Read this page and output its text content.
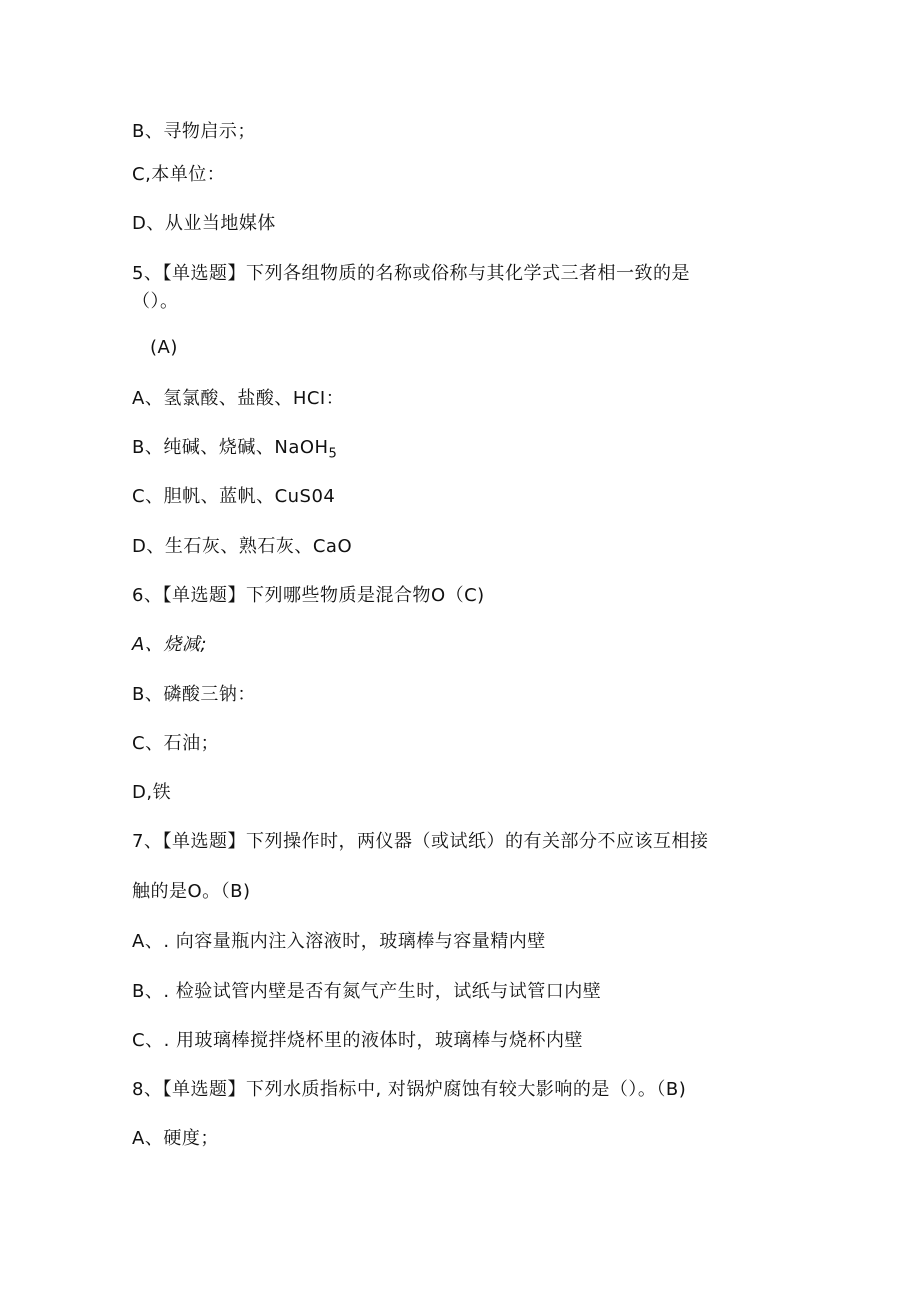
B、寻物启示；
C,本单位：
D、从业当地媒体
5、【单选题】下列各组物质的名称或俗称与其化学式三者相一致的是
（）。
(A)
A、氢氯酸、盐酸、HCI：
B、纯碱、烧碱、NaOH$_5$
C、胆帆、蓝帆、CuS04
D、生石灰、熟石灰、CaO
6、【单选题】下列哪些物质是混合物O（C)
A、烧减;
B、磷酸三钠：
C、石油；
D,铁
7、【单选题】下列操作时，两仪器（或试纸）的有关部分不应该互相接
触的是O。（B)
A、. 向容量瓶内注入溶液时，玻璃棒与容量精内壁
B、. 检验试管内壁是否有氮气产生时，试纸与试管口内壁
C、. 用玻璃棒搅拌烧杯里的液体时，玻璃棒与烧杯内壁
8、【单选题】下列水质指标中, 对锅炉腐蚀有较大影响的是（）。（B)
A、硬度；
